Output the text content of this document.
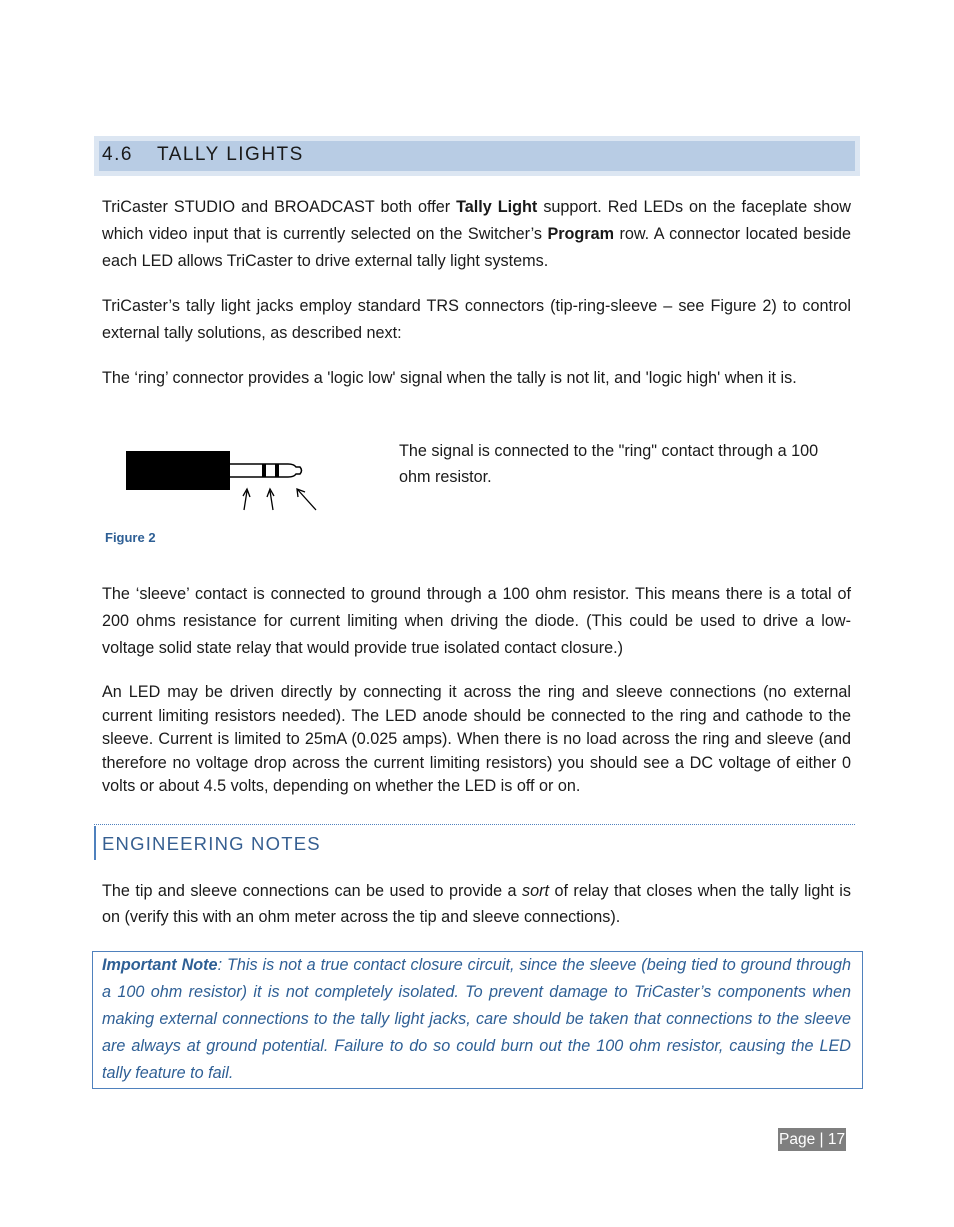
4.6 TALLY LIGHTS

TriCaster STUDIO and BROADCAST both offer Tally Light support. Red LEDs on the faceplate show which video input that is currently selected on the Switcher’s Program row. A connector located beside each LED allows TriCaster to drive external tally light systems.

TriCaster’s tally light jacks employ standard TRS connectors (tip-ring-sleeve – see Figure 2) to control external tally solutions, as described next:

The ‘ring’ connector provides a 'logic low' signal when the tally is not lit, and 'logic high' when it is.

The signal is connected to the "ring" contact through a 100 ohm resistor.

Figure 2

The ‘sleeve’ contact is connected to ground through a 100 ohm resistor. This means there is a total of 200 ohms resistance for current limiting when driving the diode. (This could be used to drive a low-voltage solid state relay that would provide true isolated contact closure.)

An LED may be driven directly by connecting it across the ring and sleeve connections (no external current limiting resistors needed). The LED anode should be connected to the ring and cathode to the sleeve. Current is limited to 25mA (0.025 amps). When there is no load across the ring and sleeve (and therefore no voltage drop across the current limiting resistors) you should see a DC voltage of either 0 volts or about 4.5 volts, depending on whether the LED is off or on.

ENGINEERING NOTES

The tip and sleeve connections can be used to provide a sort of relay that closes when the tally light is on (verify this with an ohm meter across the tip and sleeve connections).

Important Note: This is not a true contact closure circuit, since the sleeve (being tied to ground through a 100 ohm resistor) it is not completely isolated. To prevent damage to TriCaster’s components when making external connections to the tally light jacks, care should be taken that connections to the sleeve are always at ground potential. Failure to do so could burn out the 100 ohm resistor, causing the LED tally feature to fail.

Page | 17
